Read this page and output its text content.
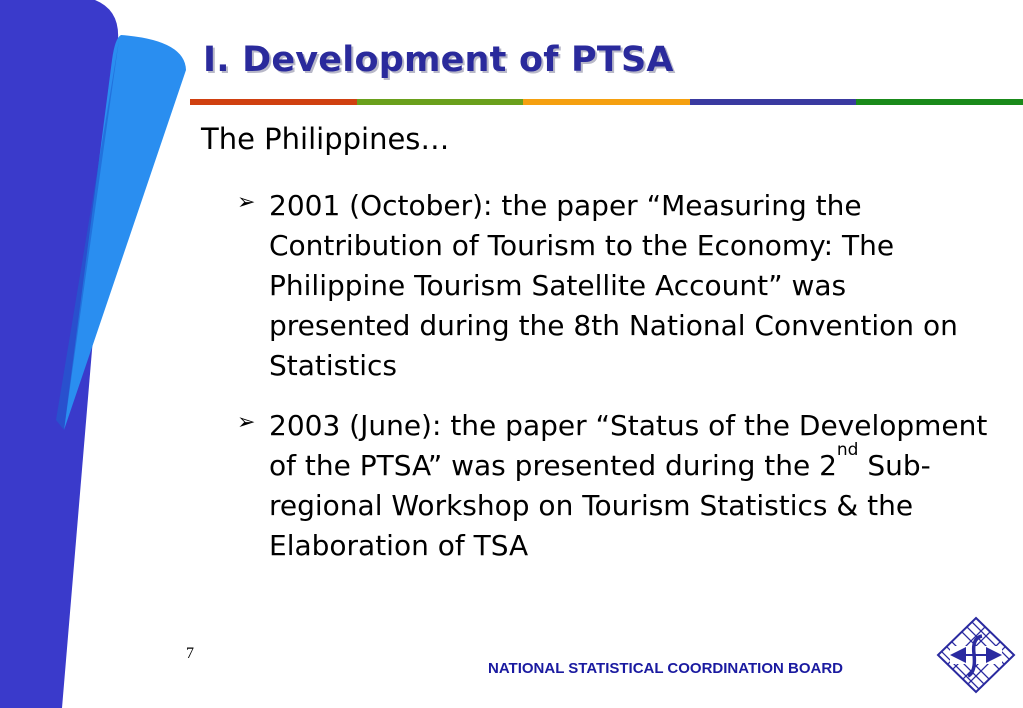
I. Development of PTSA
The Philippines…
➢ 2001 (October): the paper “Measuring the Contribution of Tourism to the Economy: The Philippine Tourism Satellite Account” was presented during the 8th National Convention on Statistics
➢ 2003 (June): the paper “Status of the Development of the PTSA” was presented during the 2nd Sub-regional Workshop on Tourism Statistics & the Elaboration of TSA
7
NATIONAL STATISTICAL COORDINATION BOARD
